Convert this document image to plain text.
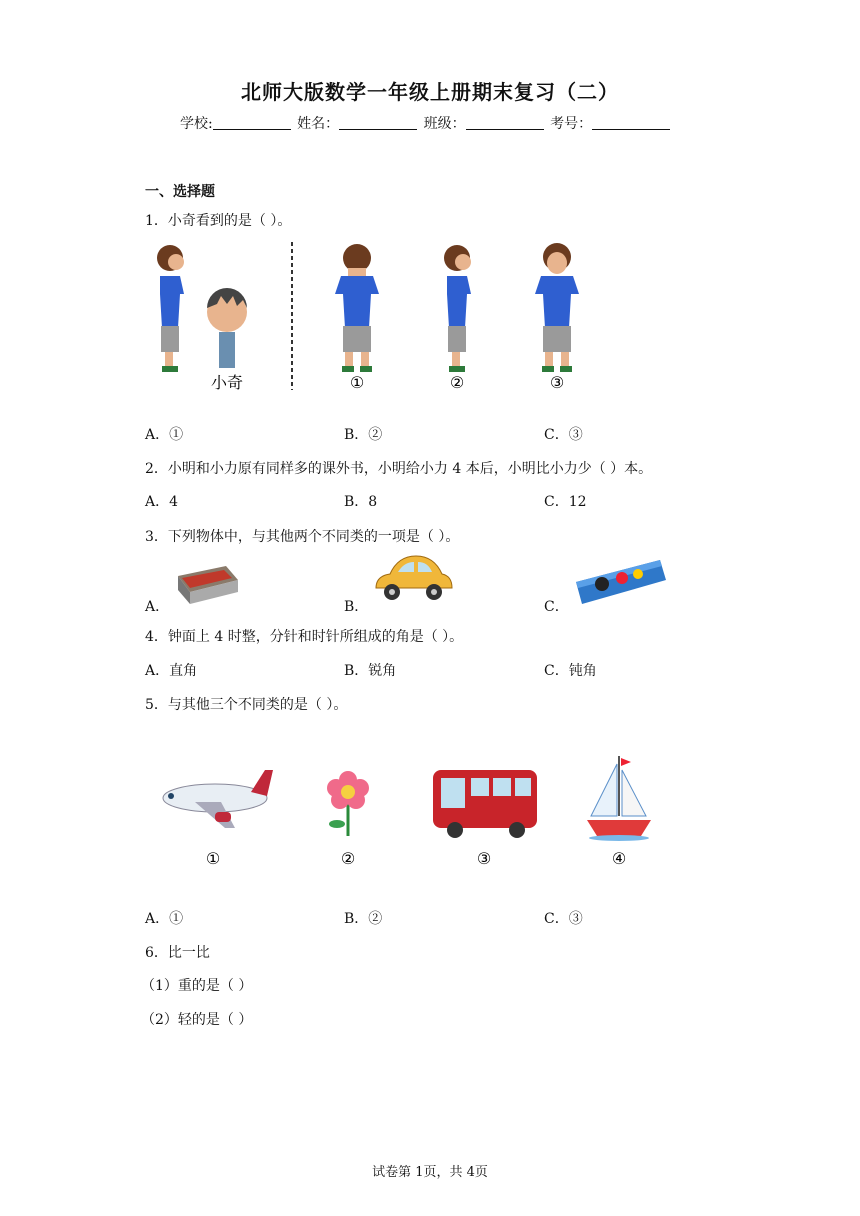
北师大版数学一年级上册期末复习（二）
学校:	姓名：	班级：	考号：
一、选择题
1．小奇看到的是（ ）。
小奇	①	②	③
A．①	B．②	C．③
2．小明和小力原有同样多的课外书，小明给小力 4 本后，小明比小力少（ ）本。
A．4	B．8	C．12
3．下列物体中，与其他两个不同类的一项是（ ）。
A．	B．	C．
4．钟面上 4 时整，分针和时针所组成的角是（ ）。
A．直角	B．锐角	C．钝角
5．与其他三个不同类的是（ ）。
①	②	③	④
A．①	B．②	C．③
6．比一比
（1）重的是（ ）
（2）轻的是（ ）
试卷第 1页，共 4页
